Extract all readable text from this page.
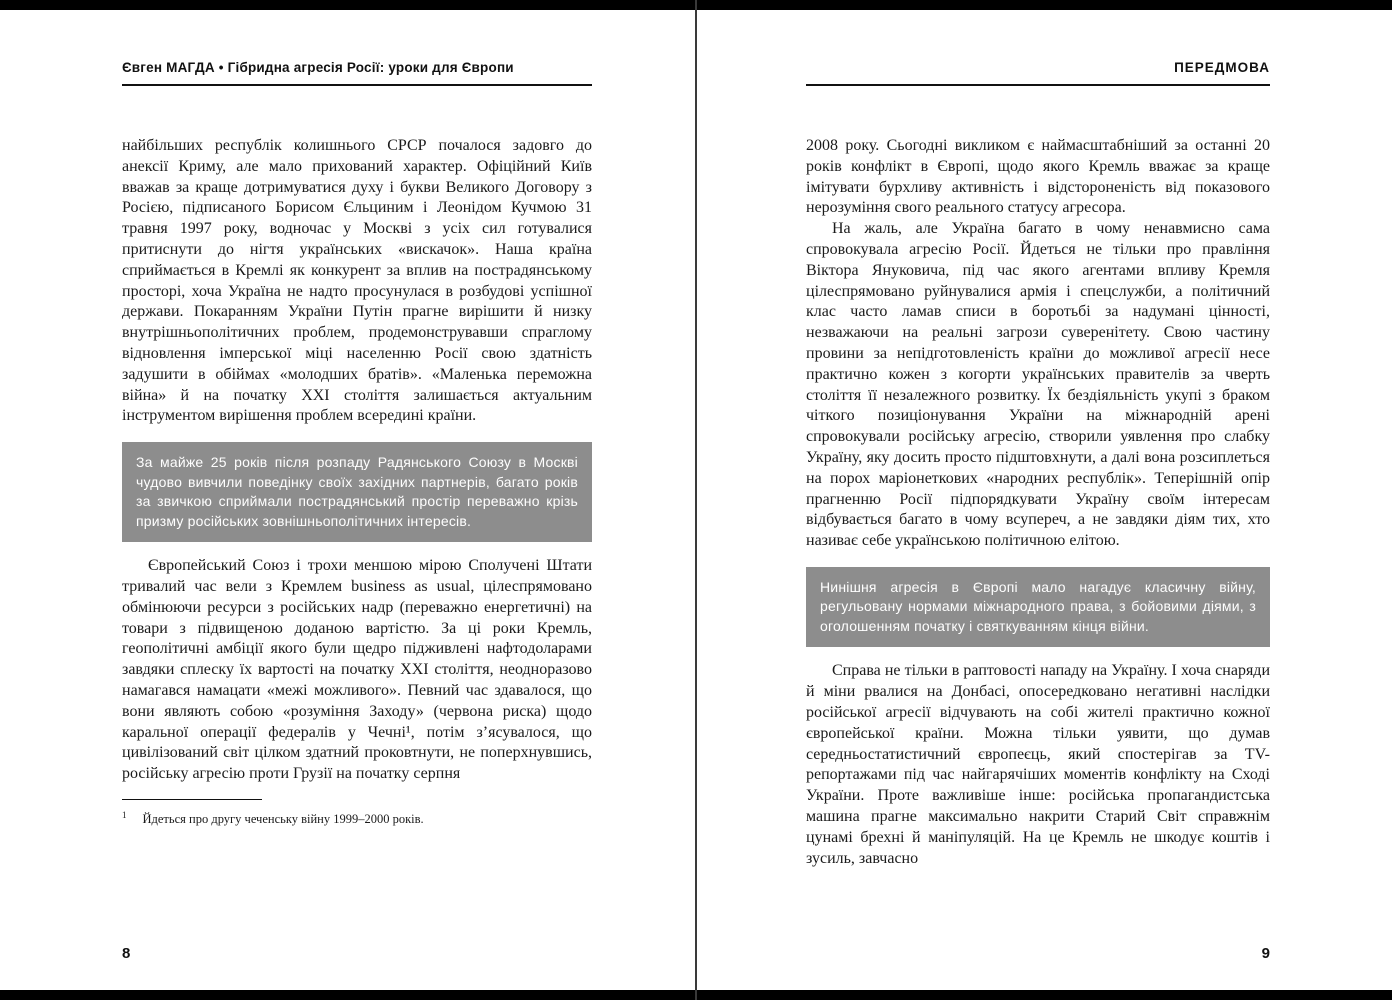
Євген МАГДА • Гібридна агресія Росії: уроки для Європи

найбільших республік колишнього СРСР почалося задовго до анексії Криму, але мало прихований характер. Офіційний Київ вважав за краще дотримуватися духу і букви Великого Договору з Росією, підписаного Борисом Єльциним і Леонідом Кучмою 31 травня 1997 року, водночас у Москві з усіх сил готувалися притиснути до нігтя українських «вискачок». Наша країна сприймається в Кремлі як конкурент за вплив на пострадянському просторі, хоча Україна не надто просунулася в розбудові успішної держави. Покаранням України Путін прагне вирішити й низку внутрішньополітичних проблем, продемонструвавши спраглому відновлення імперської міці населенню Росії свою здатність задушити в обіймах «молодших братів». «Маленька переможна війна» й на початку XXI століття залишається актуальним інструментом вирішення проблем всередині країни.

За майже 25 років після розпаду Радянського Союзу в Москві чудово вивчили поведінку своїх західних партнерів, багато років за звичкою сприймали пострадянський простір переважно крізь призму російських зовнішньополітичних інтересів.

Європейський Союз і трохи меншою мірою Сполучені Штати тривалий час вели з Кремлем business as usual, цілеспрямовано обмінюючи ресурси з російських надр (переважно енергетичні) на товари з підвищеною доданою вартістю. За ці роки Кремль, геополітичні амбіції якого були щедро підживлені нафтодоларами завдяки сплеску їх вартості на початку XXI століття, неодноразово намагався намацати «межі можливого». Певний час здавалося, що вони являють собою «розуміння Заходу» (червона риска) щодо каральної операції федералів у Чечні¹, потім з’ясувалося, що цивілізований світ цілком здатний проковтнути, не поперхнувшись, російську агресію проти Грузії на початку серпня

$^1$ Йдеться про другу чеченську війну 1999–2000 років.

8
ПЕРЕДМОВА

2008 року. Сьогодні викликом є наймасштабніший за останні 20 років конфлікт в Європі, щодо якого Кремль вважає за краще імітувати бурхливу активність і відстороненість від показового нерозуміння свого реального статусу агресора.

На жаль, але Україна багато в чому ненавмисно сама спровокувала агресію Росії. Йдеться не тільки про правління Віктора Януковича, під час якого агентами впливу Кремля цілеспрямовано руйнувалися армія і спецслужби, а політичний клас часто ламав списи в боротьбі за надумані цінності, незважаючи на реальні загрози суверенітету. Свою частину провини за непідготовленість країни до можливої агресії несе практично кожен з когорти українських правителів за чверть століття її незалежного розвитку. Їх бездіяльність укупі з браком чіткого позиціонування України на міжнародній арені спровокували російську агресію, створили уявлення про слабку Україну, яку досить просто підштовхнути, а далі вона розсиплеться на порох маріонеткових «народних республік». Теперішній опір прагненню Росії підпорядкувати Україну своїм інтересам відбувається багато в чому всупереч, а не завдяки діям тих, хто називає себе українською політичною елітою.

Нинішня агресія в Європі мало нагадує класичну війну, регульовану нормами міжнародного права, з бойовими діями, з оголошенням початку і святкуванням кінця війни.

Справа не тільки в раптовості нападу на Україну. І хоча снаряди й міни рвалися на Донбасі, опосередковано негативні наслідки російської агресії відчувають на собі жителі практично кожної європейської країни. Можна тільки уявити, що думав середньостатистичний європеєць, який спостерігав за TV-репортажами під час найгарячіших моментів конфлікту на Сході України. Проте важливіше інше: російська пропагандистська машина прагне максимально накрити Старий Світ справжнім цунамі брехні й маніпуляцій. На це Кремль не шкодує коштів і зусиль, завчасно

9
